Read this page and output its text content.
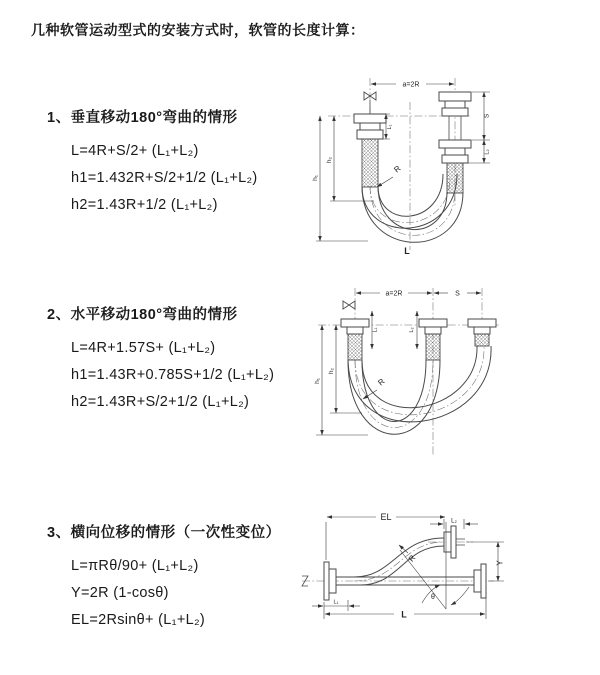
几种软管运动型式的安装方式时，软管的长度计算：
1、垂直移动180°弯曲的情形
L=4R+S/2+ (L₁+L₂)
h1=1.432R+S/2+1/2 (L₁+L₂)
h2=1.43R+1/2 (L₁+L₂)
2、水平移动180°弯曲的情形
L=4R+1.57S+ (L₁+L₂)
h1=1.43R+0.785S+1/2 (L₁+L₂)
h2=1.43R+S/2+1/2 (L₁+L₂)
3、横向位移的情形（一次性变位）
L=πRθ/90+ (L₁+L₂)
Y=2R (1-cosθ)
EL=2Rsinθ+ (L₁+L₂)
a=2R
h₁
h₂
L₁
S
L₂
R
L
a=2R	S
h₁
h₂
L₁	L₂
R
EL	L₂
Y
θ
R
L₁
L
